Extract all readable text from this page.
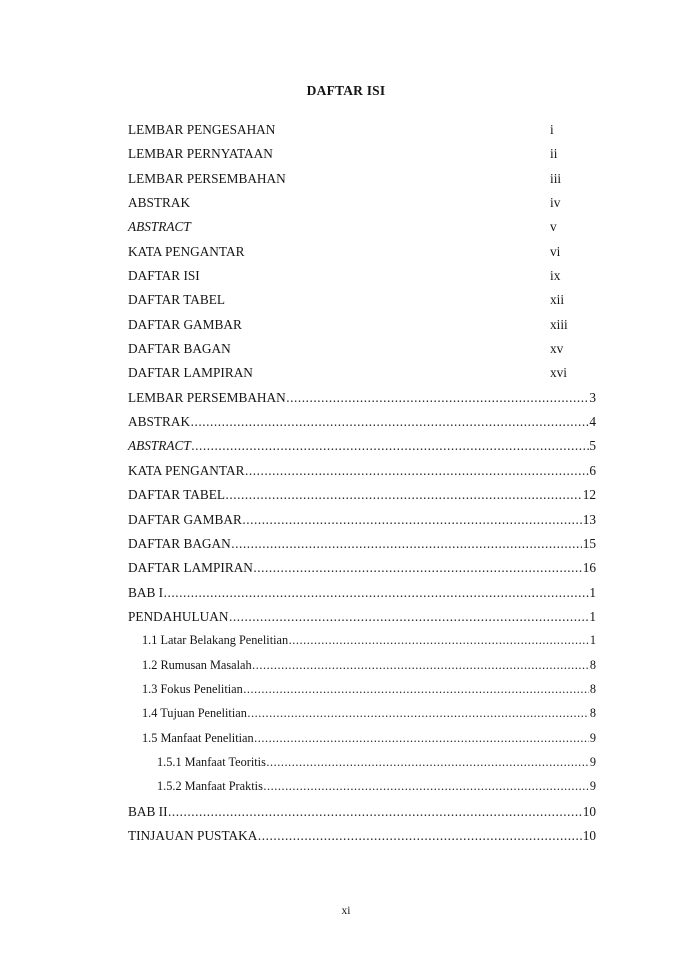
DAFTAR ISI
LEMBAR PENGESAHAN	i
LEMBAR PERNYATAAN	ii
LEMBAR PERSEMBAHAN	iii
ABSTRAK	iv
ABSTRACT	v
KATA PENGANTAR	vi
DAFTAR ISI	ix
DAFTAR TABEL	xii
DAFTAR GAMBAR	xiii
DAFTAR BAGAN	xv
DAFTAR LAMPIRAN	xvi
LEMBAR PERSEMBAHAN .....	3
ABSTRAK .....	4
ABSTRACT .....	5
KATA PENGANTAR .....	6
DAFTAR TABEL .....	12
DAFTAR GAMBAR .....	13
DAFTAR BAGAN .....	15
DAFTAR LAMPIRAN .....	16
BAB I .....	1
PENDAHULUAN .....	1
1.1 Latar Belakang Penelitian .....	1
1.2 Rumusan Masalah .....	8
1.3 Fokus Penelitian .....	8
1.4 Tujuan Penelitian .....	8
1.5 Manfaat Penelitian .....	9
1.5.1 Manfaat Teoritis .....	9
1.5.2 Manfaat Praktis .....	9
BAB II .....	10
TINJAUAN PUSTAKA .....	10
xi
